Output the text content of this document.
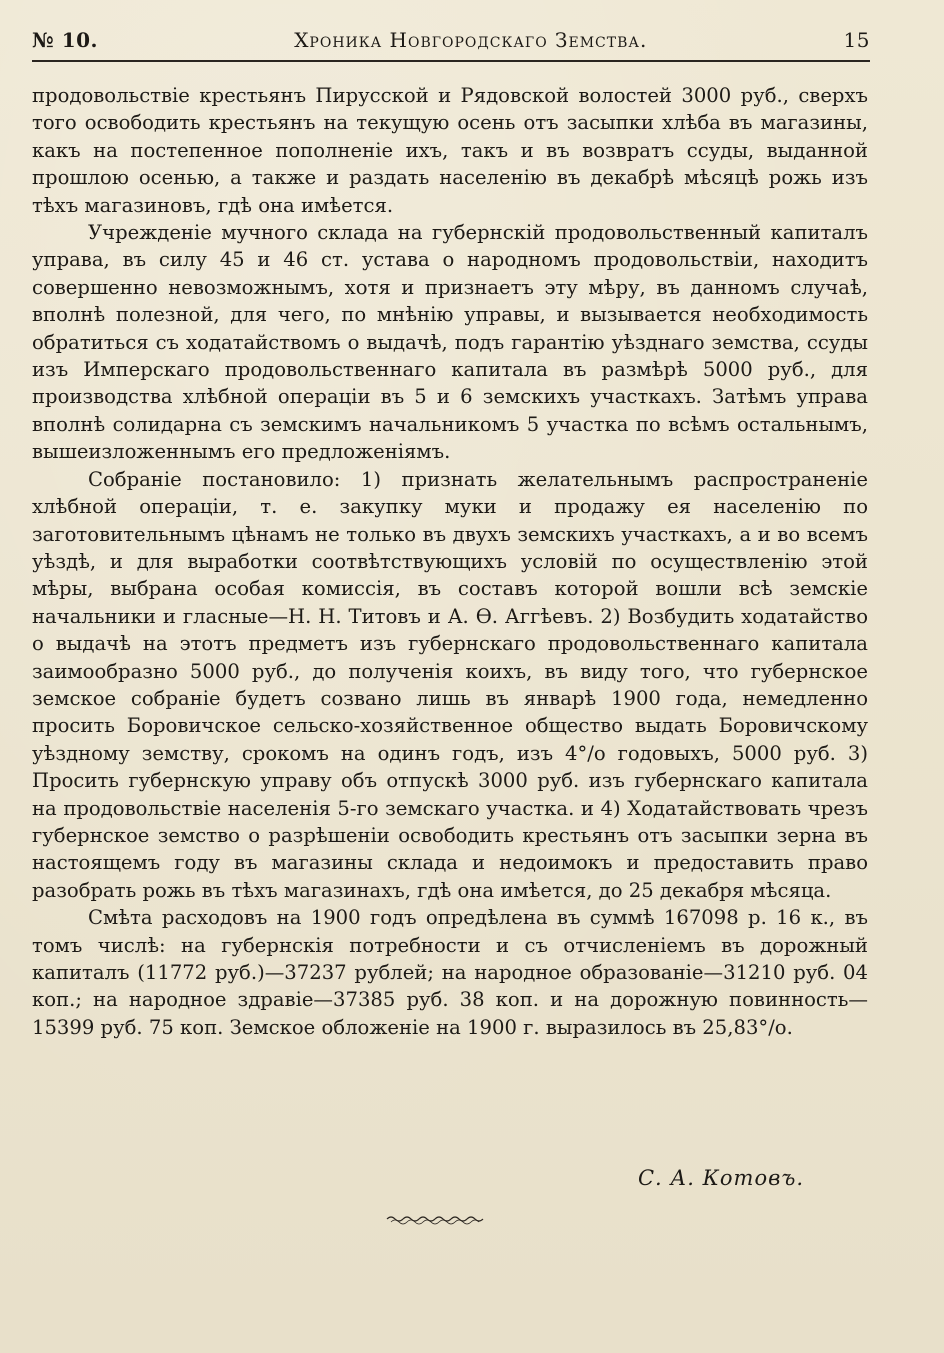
№ 10.	Хроника Новгородскаго Земства.	15

продовольствіе крестьянъ Пирусской и Рядовской волостей 3000 руб., сверхъ того освободить крестьянъ на текущую осень отъ засыпки хлѣба въ магазины, какъ на постепенное пополненіе ихъ, такъ и въ возвратъ ссуды, выданной прошлою осенью, а также и раздать населенію въ декабрѣ мѣсяцѣ рожь изъ тѣхъ магазиновъ, гдѣ она имѣется.

Учрежденіе мучного склада на губернскій продовольственный капиталъ управа, въ силу 45 и 46 ст. устава о народномъ продовольствіи, находитъ совершенно невозможнымъ, хотя и признаетъ эту мѣру, въ данномъ случаѣ, вполнѣ полезной, для чего, по мнѣнію управы, и вызывается необходимость обратиться съ ходатайствомъ о выдачѣ, подъ гарантію уѣзднаго земства, ссуды изъ Имперскаго продовольственнаго капитала въ размѣрѣ 5000 руб., для производства хлѣбной операціи въ 5 и 6 земскихъ участкахъ. Затѣмъ управа вполнѣ солидарна съ земскимъ начальникомъ 5 участка по всѣмъ остальнымъ, вышеизложеннымъ его предложеніямъ.

Собраніе постановило: 1) признать желательнымъ распространеніе хлѣбной операціи, т. е. закупку муки и продажу ея населенію по заготовительнымъ цѣнамъ не только въ двухъ земскихъ участкахъ, а и во всемъ уѣздѣ, и для выработки соотвѣтствующихъ условій по осуществленію этой мѣры, выбрана особая комиссія, въ составъ которой вошли всѣ земскіе начальники и гласные—Н. Н. Титовъ и А. Ѳ. Аггѣевъ. 2) Возбудить ходатайство о выдачѣ на этотъ предметъ изъ губернскаго продовольственнаго капитала заимообразно 5000 руб., до полученія коихъ, въ виду того, что губернское земское собраніе будетъ созвано лишь въ январѣ 1900 года, немедленно просить Боровичское сельско-хозяйственное общество выдать Боровичскому уѣздному земству, срокомъ на одинъ годъ, изъ 4°/о годовыхъ, 5000 руб. 3) Просить губернскую управу объ отпускѣ 3000 руб. изъ губернскаго капитала на продовольствіе населенія 5-го земскаго участка. и 4) Ходатайствовать чрезъ губернское земство о разрѣшеніи освободить крестьянъ отъ засыпки зерна въ настоящемъ году въ магазины склада и недоимокъ и предоставить право разобрать рожь въ тѣхъ магазинахъ, гдѣ она имѣется, до 25 декабря мѣсяца.

Смѣта расходовъ на 1900 годъ опредѣлена въ суммѣ 167098 р. 16 к., въ томъ числѣ: на губернскія потребности и съ отчисленіемъ въ дорожный капиталъ (11772 руб.)—37237 рублей; на народное образованіе—31210 руб. 04 коп.; на народное здравіе—37385 руб. 38 коп. и на дорожную повинность—15399 руб. 75 коп. Земское обложеніе на 1900 г. выразилось въ 25,83°/о.

С. А. Котовъ.
